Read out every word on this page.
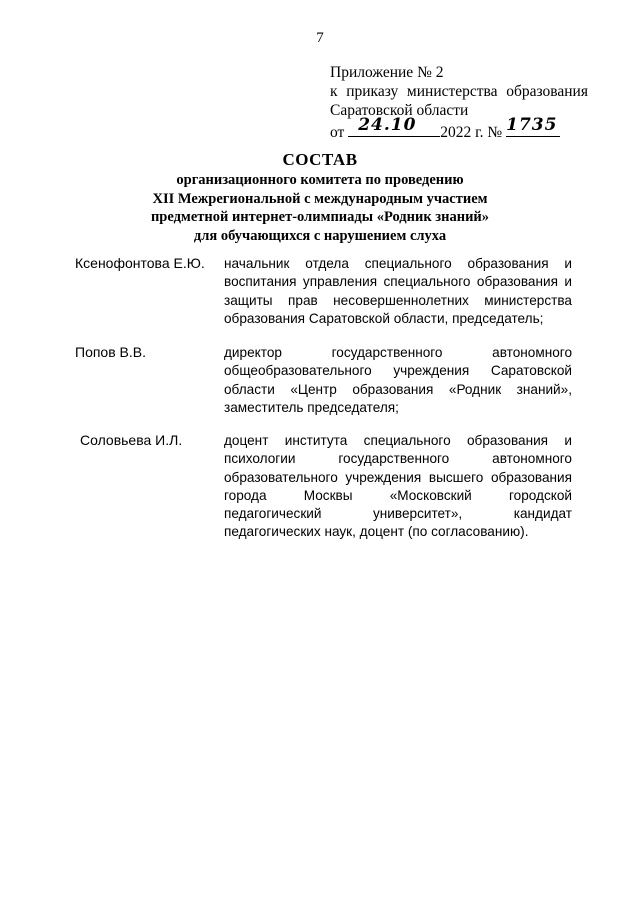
7
Приложение № 2
к приказу министерства образования
Саратовской области
от 24.10 2022 г. № 1735
СОСТАВ
организационного комитета по проведению
XII Межрегиональной с международным участием
предметной интернет-олимпиады «Родник знаний»
для обучающихся с нарушением слуха
Ксенофонтова Е.Ю. начальник отдела специального образования и воспитания управления специального образования и защиты прав несовершеннолетних министерства образования Саратовской области, председатель;
Попов В.В.	директор государственного автономного общеобразовательного учреждения Саратовской области «Центр образования «Родник знаний», заместитель председателя;
Соловьева И.Л.	доцент института специального образования и психологии государственного автономного образовательного учреждения высшего образования города Москвы «Московский городской педагогический университет», кандидат педагогических наук, доцент (по согласованию).
